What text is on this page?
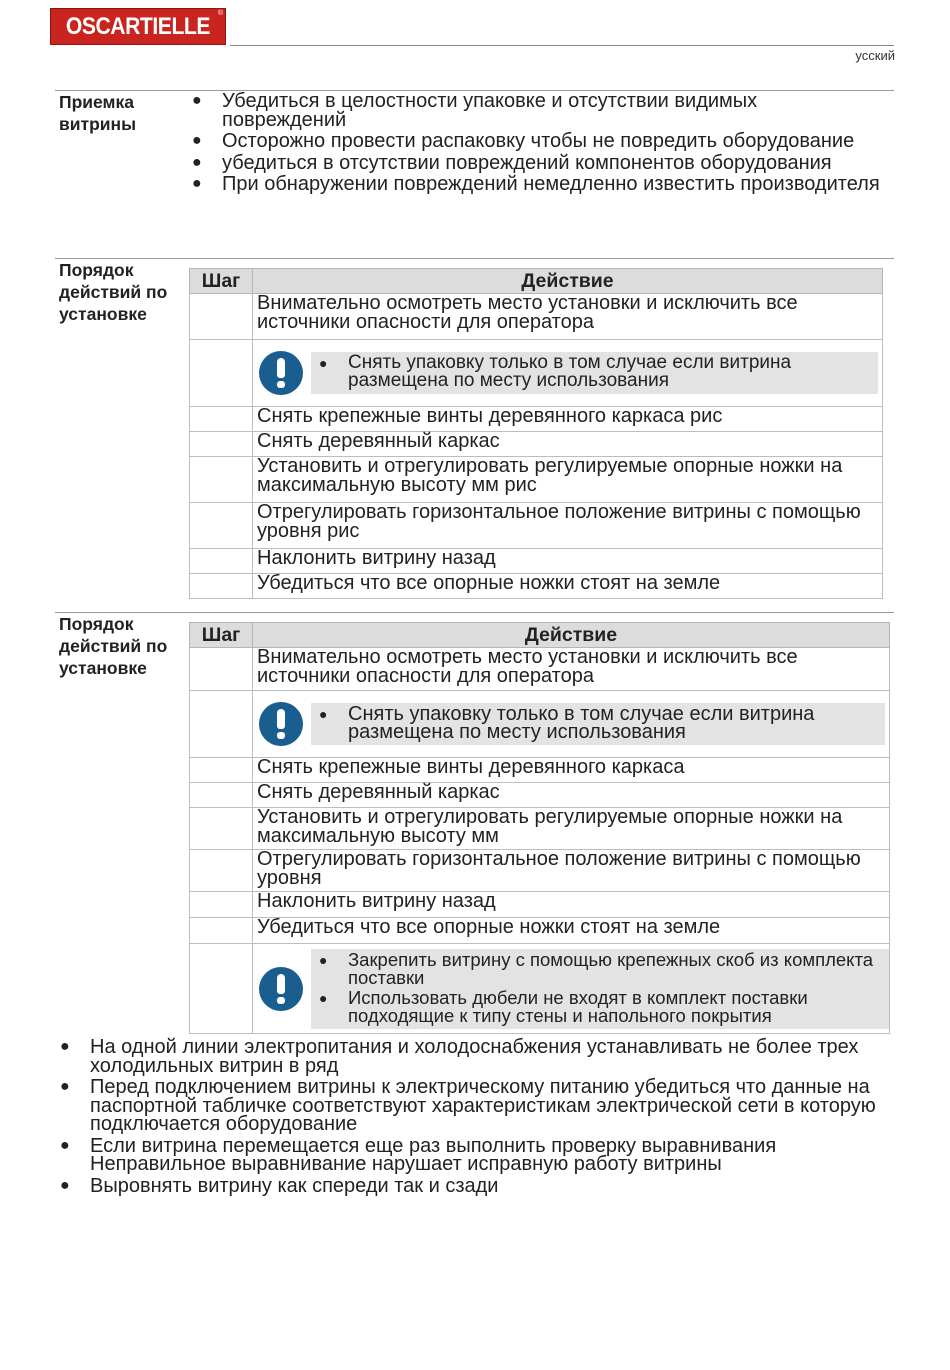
OSCARTIELLE ®
усский
Приемка
витрины
● Убедиться в целостности упаковке и отсутствии видимых повреждений
● Осторожно провести распаковку чтобы не повредить оборудование
● убедиться в отсутствии повреждений компонентов оборудования
● При обнаружении повреждений немедленно известить производителя
Порядок
действий по
установке
Шаг	Действие
	Внимательно осмотреть место установки и исключить все источники опасности для оператора

	● Снять упаковку только в том случае если витрина размещена по месту использования

	Снять крепежные винты деревянного каркаса рис
	Снять деревянный каркас
	Установить и отрегулировать регулируемые опорные ножки на максимальную высоту мм рис
	Отрегулировать горизонтальное положение витрины с помощью уровня рис
	Наклонить витрину назад
	Убедиться что все опорные ножки стоят на земле
Порядок
действий по
установке
Шаг	Действие
	Внимательно осмотреть место установки и исключить все источники опасности для оператора

	● Снять упаковку только в том случае если витрина размещена по месту использования

	Снять крепежные винты деревянного каркаса
	Снять деревянный каркас
	Установить и отрегулировать регулируемые опорные ножки на максимальную высоту мм
	Отрегулировать горизонтальное положение витрины с помощью уровня
	Наклонить витрину назад
	Убедиться что все опорные ножки стоят на земле

	● Закрепить витрину с помощью крепежных скоб из комплекта поставки
● Использовать дюбели не входят в комплект поставки подходящие к типу стены и напольного покрытия
● На одной линии электропитания и холодоснабжения устанавливать не более трех холодильных витрин в ряд
● Перед подключением витрины к электрическому питанию убедиться что данные на паспортной табличке соответствуют характеристикам электрической сети в которую подключается оборудование
● Если витрина перемещается еще раз выполнить проверку выравнивания Неправильное выравнивание нарушает исправную работу витрины
● Выровнять витрину как спереди так и сзади
